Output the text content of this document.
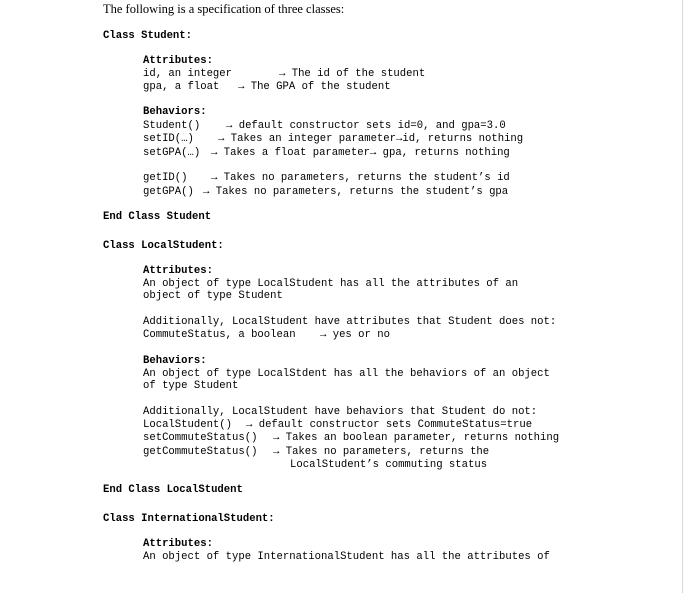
The following is a specification of three classes:
Class Student:
Attributes:
id, an integer	→ The id of the student
gpa, a float → The GPA of the student
Behaviors:
Student() → default constructor sets id=0, and gpa=3.0
setID(…) → Takes an integer parameter→id, returns nothing
setGPA(…) → Takes a float parameter→ gpa, returns nothing
getID() → Takes no parameters, returns the student’s id
getGPA() → Takes no parameters, returns the student’s gpa
End Class Student
Class LocalStudent:
Attributes:
An object of type LocalStudent has all the attributes of an
object of type Student
Additionally, LocalStudent have attributes that Student does not:
CommuteStatus, a boolean → yes or no
Behaviors:
An object of type LocalStdent has all the behaviors of an object
of type Student
Additionally, LocalStudent have behaviors that Student do not:
LocalStudent() → default constructor sets CommuteStatus=true
setCommuteStatus() → Takes an boolean parameter, returns nothing
getCommuteStatus() → Takes no parameters, returns the
LocalStudent’s commuting status
End Class LocalStudent
Class InternationalStudent:
Attributes:
An object of type InternationalStudent has all the attributes of
